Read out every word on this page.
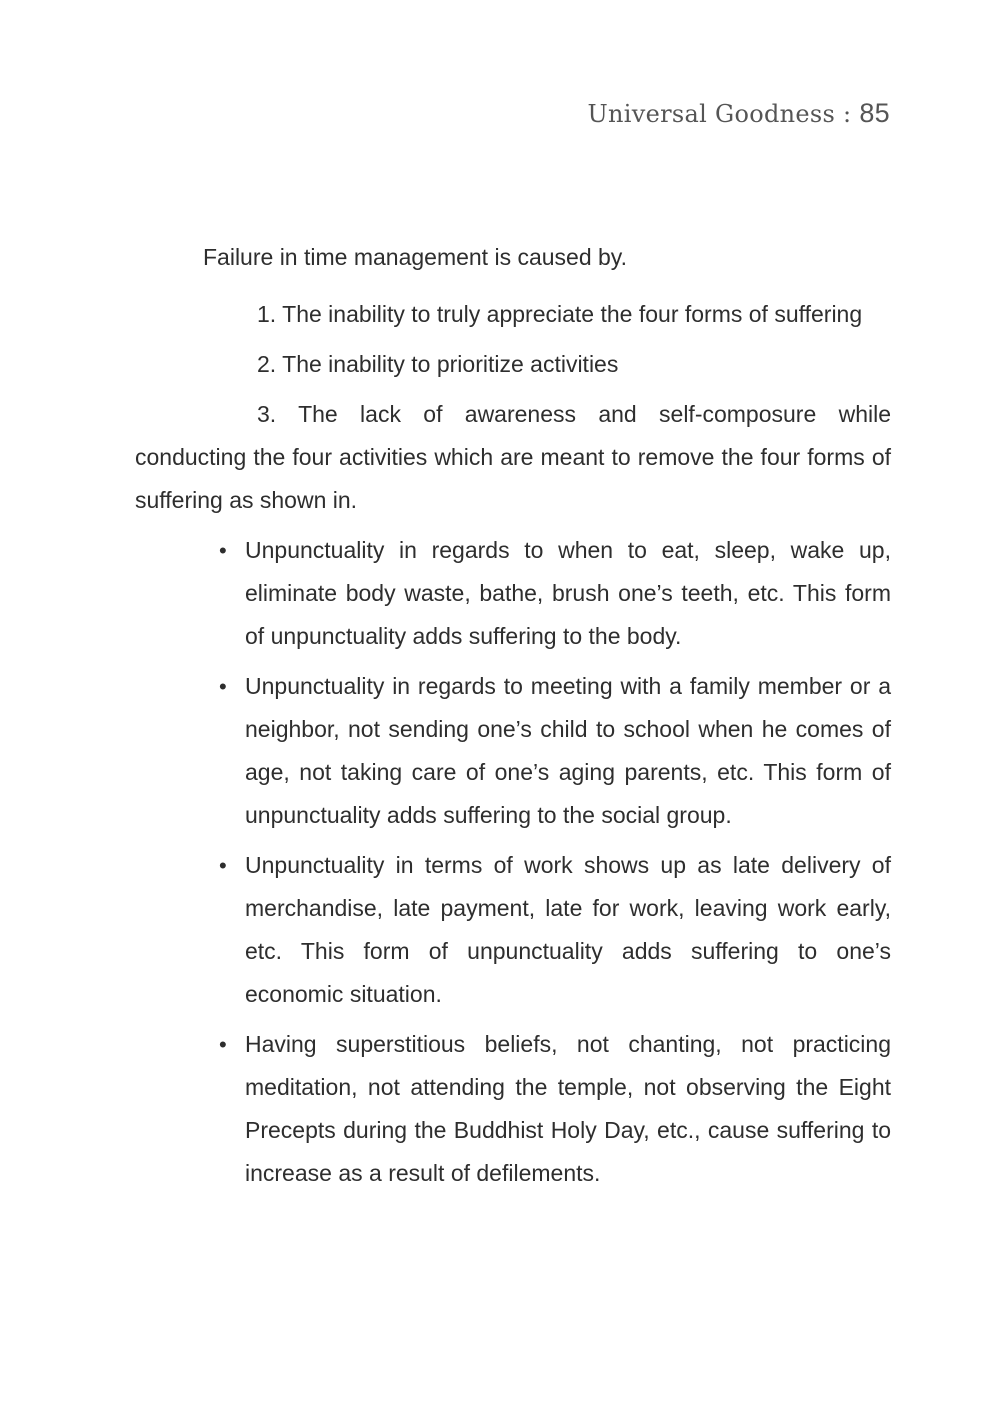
Universal Goodness : 85

Failure in time management is caused by.

1. The inability to truly appreciate the four forms of suffering

2. The inability to prioritize activities

3. The lack of awareness and self-composure while conducting the four activities which are meant to remove the four forms of suffering as shown in.

• Unpunctuality in regards to when to eat, sleep, wake up, eliminate body waste, bathe, brush one’s teeth, etc. This form of unpunctuality adds suffering to the body.
• Unpunctuality in regards to meeting with a family member or a neighbor, not sending one’s child to school when he comes of age, not taking care of one’s aging parents, etc. This form of unpunctuality adds suffering to the social group.
• Unpunctuality in terms of work shows up as late delivery of merchandise, late payment, late for work, leaving work early, etc. This form of unpunctuality adds suffering to one’s economic situation.
• Having superstitious beliefs, not chanting, not practicing meditation, not attending the temple, not observing the Eight Precepts during the Buddhist Holy Day, etc., cause suffering to increase as a result of defilements.
